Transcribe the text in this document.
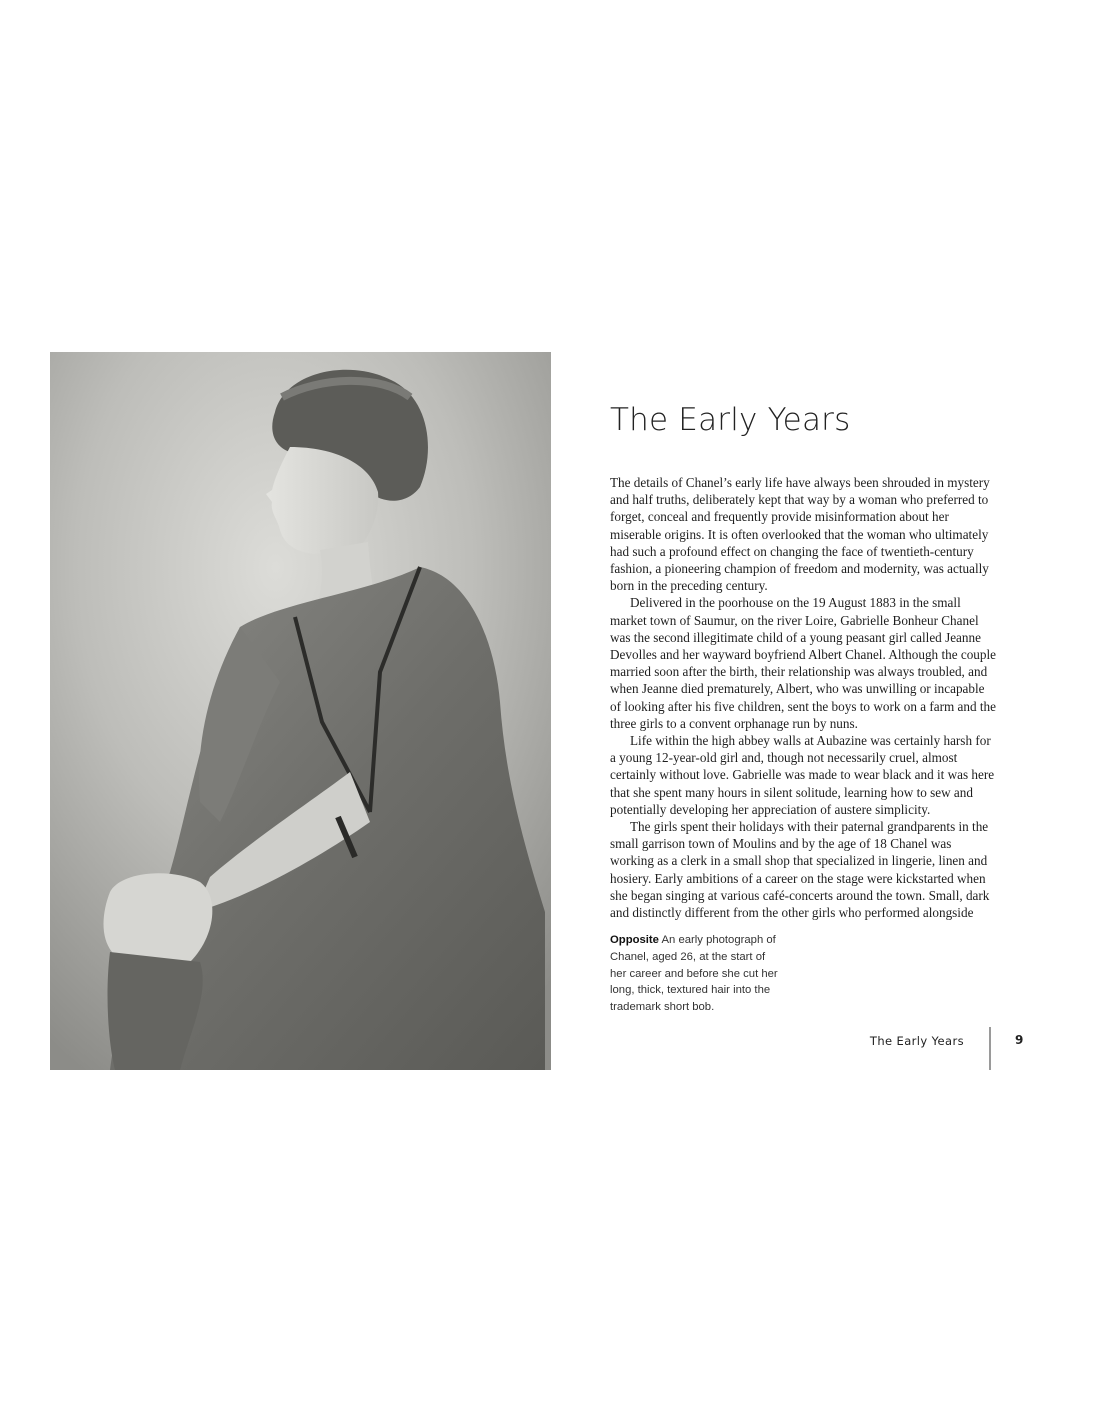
The Early Years

The details of Chanel’s early life have always been shrouded in mystery and half truths, deliberately kept that way by a woman who preferred to forget, conceal and frequently provide misinformation about her miserable origins. It is often overlooked that the woman who ultimately had such a profound effect on changing the face of twentieth-century fashion, a pioneering champion of freedom and modernity, was actually born in the preceding century.

Delivered in the poorhouse on the 19 August 1883 in the small market town of Saumur, on the river Loire, Gabrielle Bonheur Chanel was the second illegitimate child of a young peasant girl called Jeanne Devolles and her wayward boyfriend Albert Chanel. Although the couple married soon after the birth, their relationship was always troubled, and when Jeanne died prematurely, Albert, who was unwilling or incapable of looking after his five children, sent the boys to work on a farm and the three girls to a convent orphanage run by nuns.

Life within the high abbey walls at Aubazine was certainly harsh for a young 12-year-old girl and, though not necessarily cruel, almost certainly without love. Gabrielle was made to wear black and it was here that she spent many hours in silent solitude, learning how to sew and potentially developing her appreciation of austere simplicity.

The girls spent their holidays with their paternal grandparents in the small garrison town of Moulins and by the age of 18 Chanel was working as a clerk in a small shop that specialized in lingerie, linen and hosiery. Early ambitions of a career on the stage were kickstarted when she began singing at various café-concerts around the town. Small, dark and distinctly different from the other girls who performed alongside

Opposite An early photograph of Chanel, aged 26, at the start of her career and before she cut her long, thick, textured hair into the trademark short bob.
The Early Years	9
